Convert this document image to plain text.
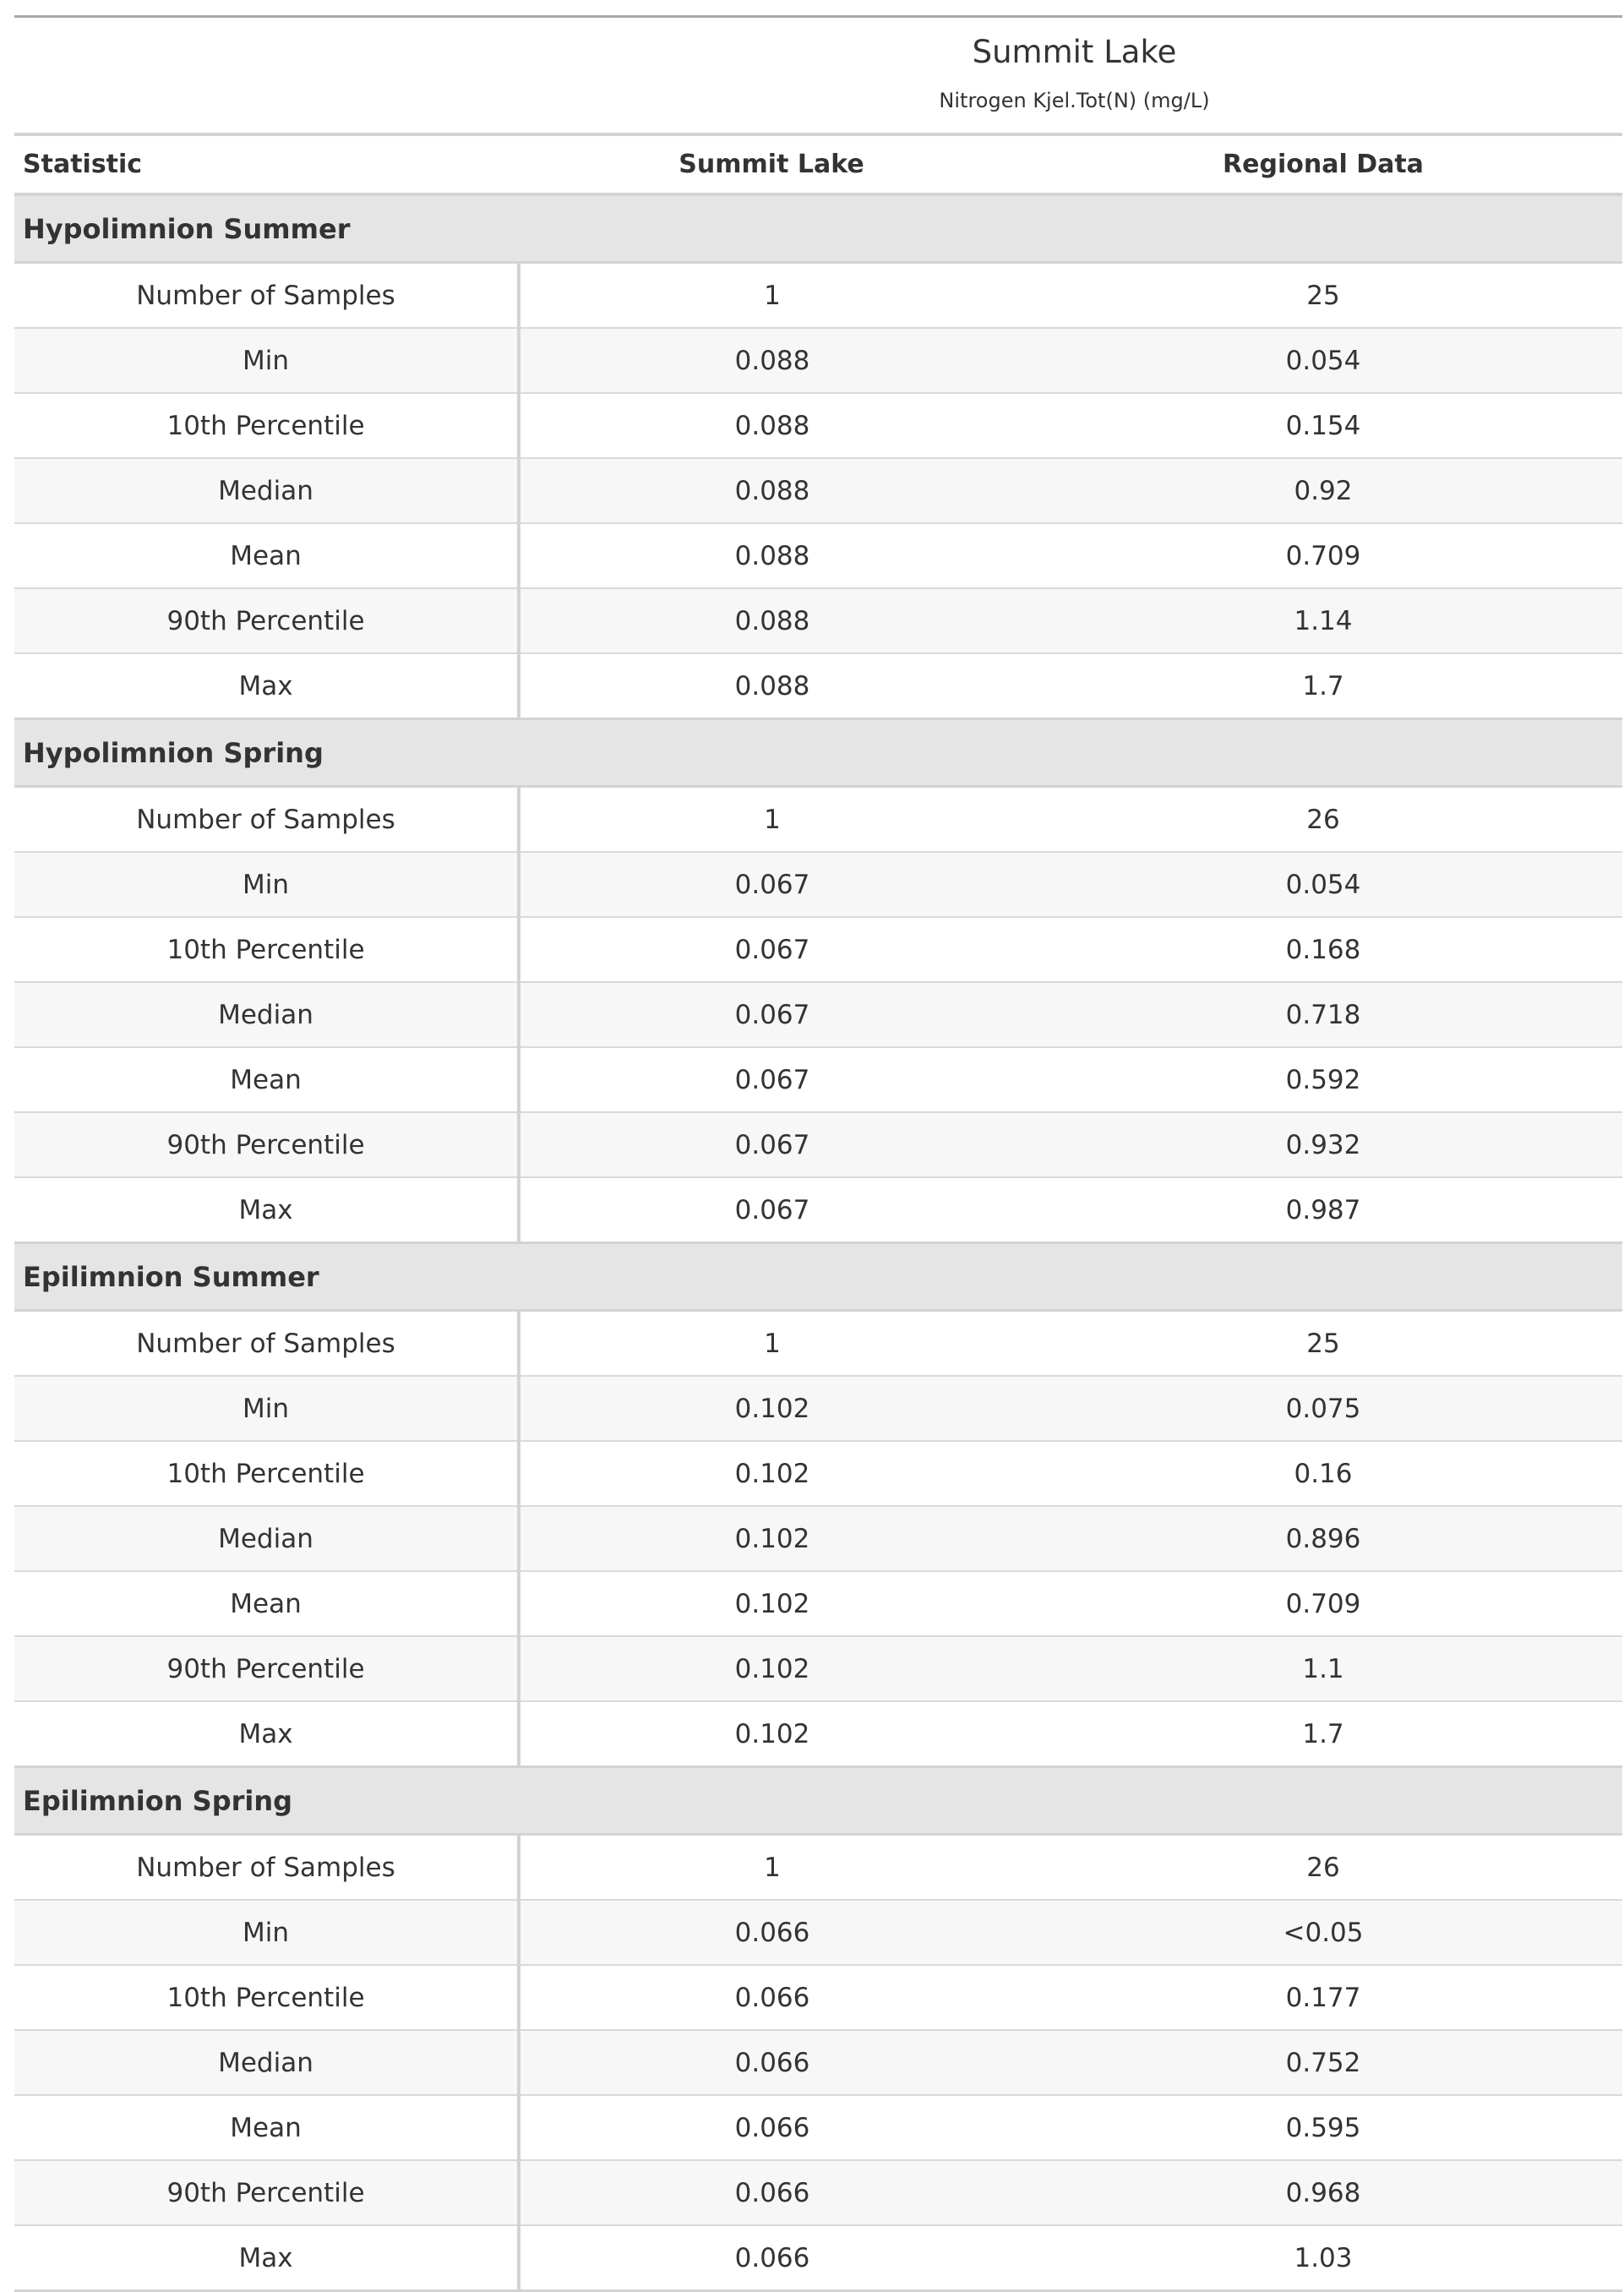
Summit Lake
Nitrogen Kjel.Tot(N) (mg/L)
Statistic	Summit Lake	Regional Data
Hypolimnion Summer		
Number of Samples	1	25
Min	0.088	0.054
10th Percentile	0.088	0.154
Median	0.088	0.92
Mean	0.088	0.709
90th Percentile	0.088	1.14
Max	0.088	1.7
Hypolimnion Spring		
Number of Samples	1	26
Min	0.067	0.054
10th Percentile	0.067	0.168
Median	0.067	0.718
Mean	0.067	0.592
90th Percentile	0.067	0.932
Max	0.067	0.987
Epilimnion Summer		
Number of Samples	1	25
Min	0.102	0.075
10th Percentile	0.102	0.16
Median	0.102	0.896
Mean	0.102	0.709
90th Percentile	0.102	1.1
Max	0.102	1.7
Epilimnion Spring		
Number of Samples	1	26
Min	0.066	<0.05
10th Percentile	0.066	0.177
Median	0.066	0.752
Mean	0.066	0.595
90th Percentile	0.066	0.968
Max	0.066	1.03
